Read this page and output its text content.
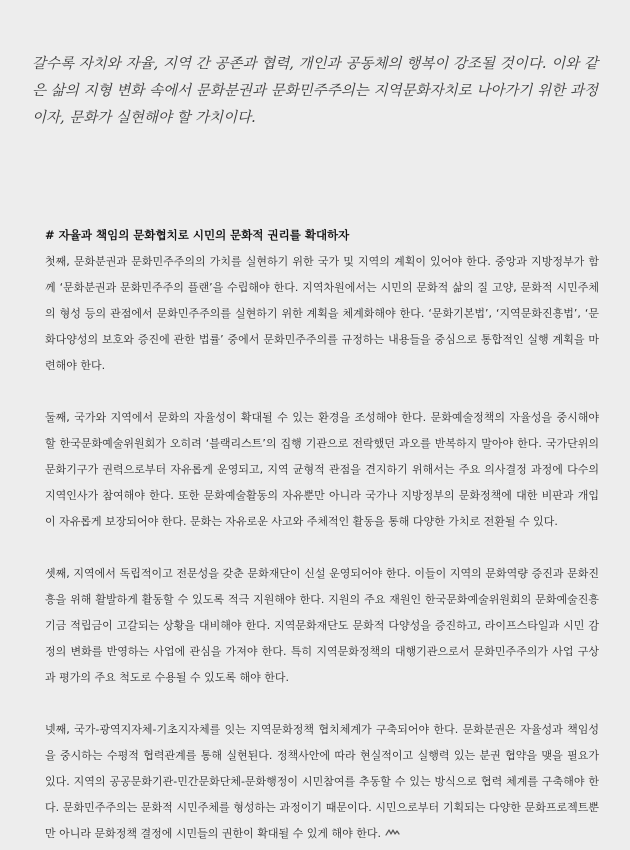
갈수록 자치와 자율, 지역 간 공존과 협력, 개인과 공동체의 행복이 강조될 것이다. 이와 같은 삶의 지형 변화 속에서 문화분권과 문화민주주의는 지역문화자치로 나아가기 위한 과정이자, 문화가 실현해야 할 가치이다.

# 자율과 책임의 문화협치로 시민의 문화적 권리를 확대하자

첫째, 문화분권과 문화민주주의의 가치를 실현하기 위한 국가 및 지역의 계획이 있어야 한다. 중앙과 지방정부가 함께 ‘문화분권과 문화민주주의 플랜’을 수립해야 한다. 지역차원에서는 시민의 문화적 삶의 질 고양, 문화적 시민주체의 형성 등의 관점에서 문화민주주의를 실현하기 위한 계획을 체계화해야 한다. ‘문화기본법’, ‘지역문화진흥법’, ‘문화다양성의 보호와 증진에 관한 법률’ 중에서 문화민주주의를 규정하는 내용들을 중심으로 통합적인 실행 계획을 마련해야 한다.

둘째, 국가와 지역에서 문화의 자율성이 확대될 수 있는 환경을 조성해야 한다. 문화예술정책의 자율성을 중시해야 할 한국문화예술위원회가 오히려 ‘블랙리스트’의 집행 기관으로 전락했던 과오를 반복하지 말아야 한다. 국가단위의 문화기구가 권력으로부터 자유롭게 운영되고, 지역 균형적 관점을 견지하기 위해서는 주요 의사결정 과정에 다수의 지역인사가 참여해야 한다. 또한 문화예술활동의 자유뿐만 아니라 국가나 지방정부의 문화정책에 대한 비판과 개입이 자유롭게 보장되어야 한다. 문화는 자유로운 사고와 주체적인 활동을 통해 다양한 가치로 전환될 수 있다.

셋째, 지역에서 독립적이고 전문성을 갖춘 문화재단이 신설 운영되어야 한다. 이들이 지역의 문화역량 증진과 문화진흥을 위해 활발하게 활동할 수 있도록 적극 지원해야 한다. 지원의 주요 재원인 한국문화예술위원회의 문화예술진흥기금 적립금이 고갈되는 상황을 대비해야 한다. 지역문화재단도 문화적 다양성을 증진하고, 라이프스타일과 시민 감정의 변화를 반영하는 사업에 관심을 가져야 한다. 특히 지역문화정책의 대행기관으로서 문화민주주의가 사업 구상과 평가의 주요 척도로 수용될 수 있도록 해야 한다.

넷째, 국가-광역지자체-기초지자체를 잇는 지역문화정책 협치체계가 구축되어야 한다. 문화분권은 자율성과 책임성을 중시하는 수평적 협력관계를 통해 실현된다. 정책사안에 따라 현실적이고 실행력 있는 분권 협약을 맺을 필요가 있다. 지역의 공공문화기관-민간문화단체-문화행정이 시민참여를 추동할 수 있는 방식으로 협력 체계를 구축해야 한다. 문화민주주의는 문화적 시민주체를 형성하는 과정이기 때문이다. 시민으로부터 기획되는 다양한 문화프로젝트뿐만 아니라 문화정책 결정에 시민들의 권한이 확대될 수 있게 해야 한다.
